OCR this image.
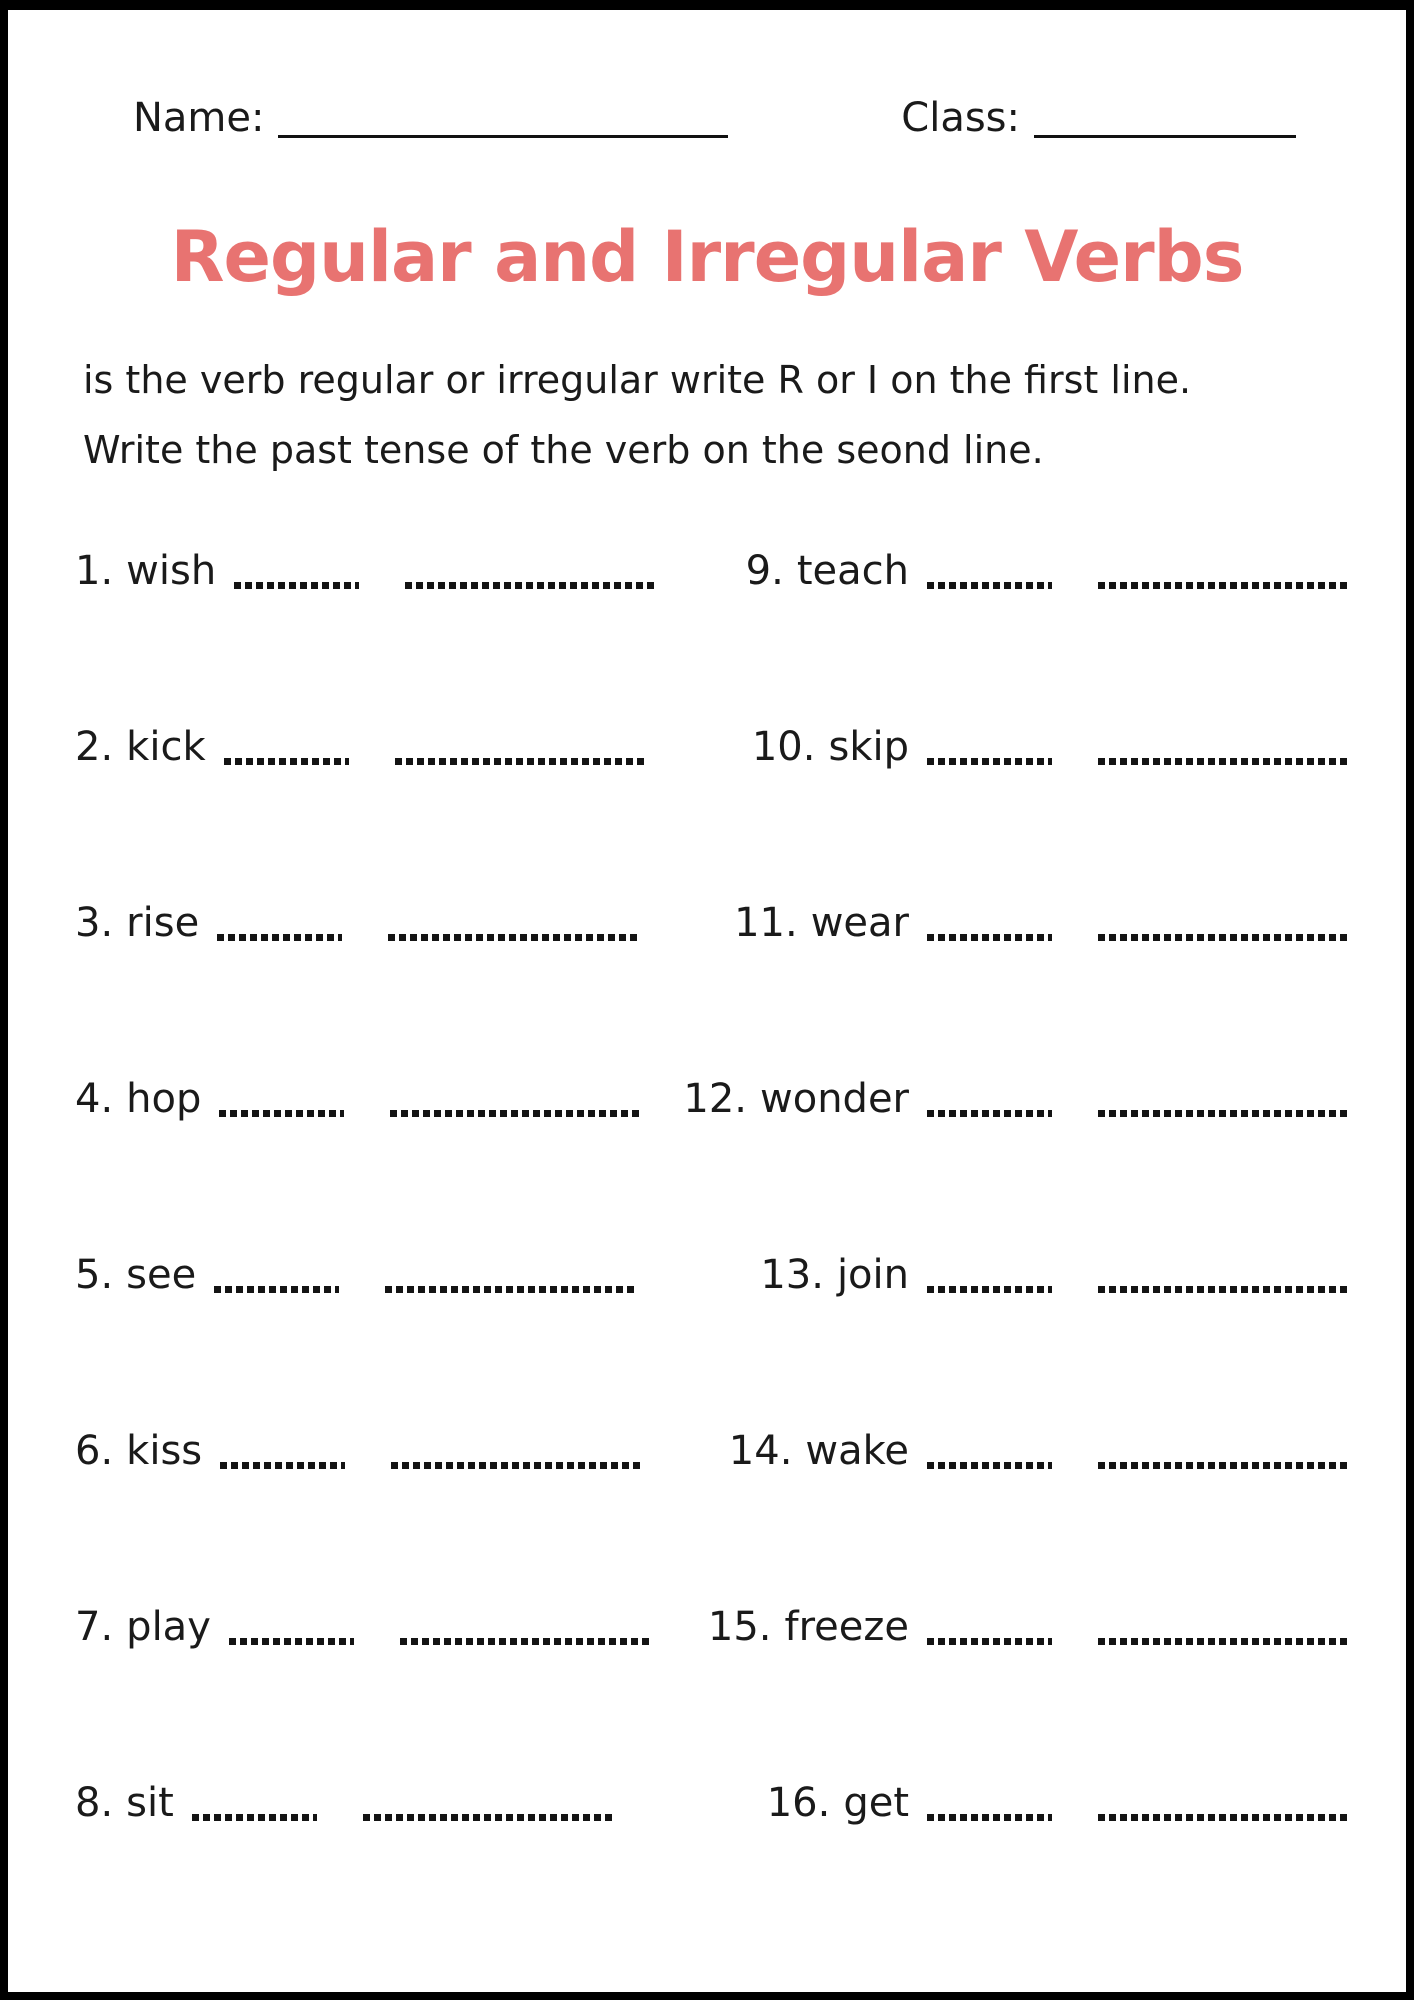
Name:	Class:
Regular and Irregular Verbs
is the verb regular or irregular write R or I on the first line.
Write the past tense of the verb on the seond line.
1. wish	9. teach
2. kick	10. skip
3. rise	11. wear
4. hop	12. wonder
5. see	13. join
6. kiss	14. wake
7. play	15. freeze
8. sit	16. get
